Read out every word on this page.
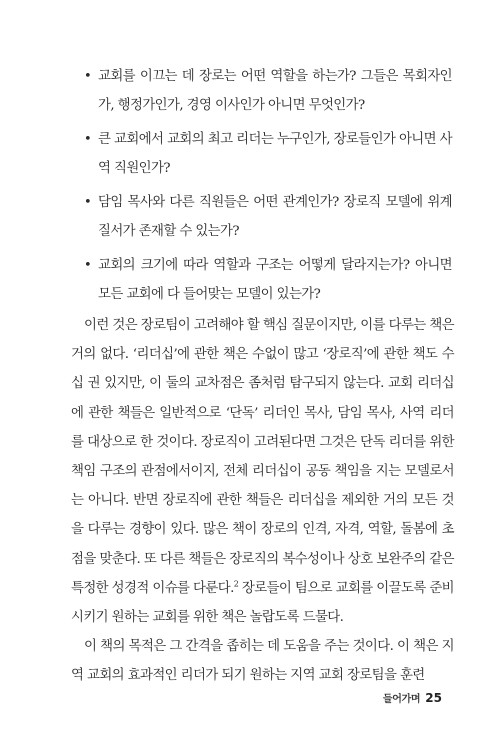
• 교회를 이끄는 데 장로는 어떤 역할을 하는가? 그들은 목회자인가, 행정가인가, 경영 이사인가 아니면 무엇인가?
• 큰 교회에서 교회의 최고 리더는 누구인가, 장로들인가 아니면 사역 직원인가?
• 담임 목사와 다른 직원들은 어떤 관계인가? 장로직 모델에 위계 질서가 존재할 수 있는가?
• 교회의 크기에 따라 역할과 구조는 어떻게 달라지는가? 아니면 모든 교회에 다 들어맞는 모델이 있는가?

이런 것은 장로팀이 고려해야 할 핵심 질문이지만, 이를 다루는 책은 거의 없다. ‘리더십’에 관한 책은 수없이 많고 ‘장로직’에 관한 책도 수십 권 있지만, 이 둘의 교차점은 좀처럼 탐구되지 않는다. 교회 리더십에 관한 책들은 일반적으로 ‘단독’ 리더인 목사, 담임 목사, 사역 리더를 대상으로 한 것이다. 장로직이 고려된다면 그것은 단독 리더를 위한 책임 구조의 관점에서이지, 전체 리더십이 공동 책임을 지는 모델로서는 아니다. 반면 장로직에 관한 책들은 리더십을 제외한 거의 모든 것을 다루는 경향이 있다. 많은 책이 장로의 인격, 자격, 역할, 돌봄에 초점을 맞춘다. 또 다른 책들은 장로직의 복수성이나 상호 보완주의 같은 특정한 성경적 이슈를 다룬다.$^2$ 장로들이 팀으로 교회를 이끌도록 준비시키기 원하는 교회를 위한 책은 놀랍도록 드물다.

이 책의 목적은 그 간격을 좁히는 데 도움을 주는 것이다. 이 책은 지역 교회의 효과적인 리더가 되기 원하는 지역 교회 장로팀을 훈련

들어가며 25
